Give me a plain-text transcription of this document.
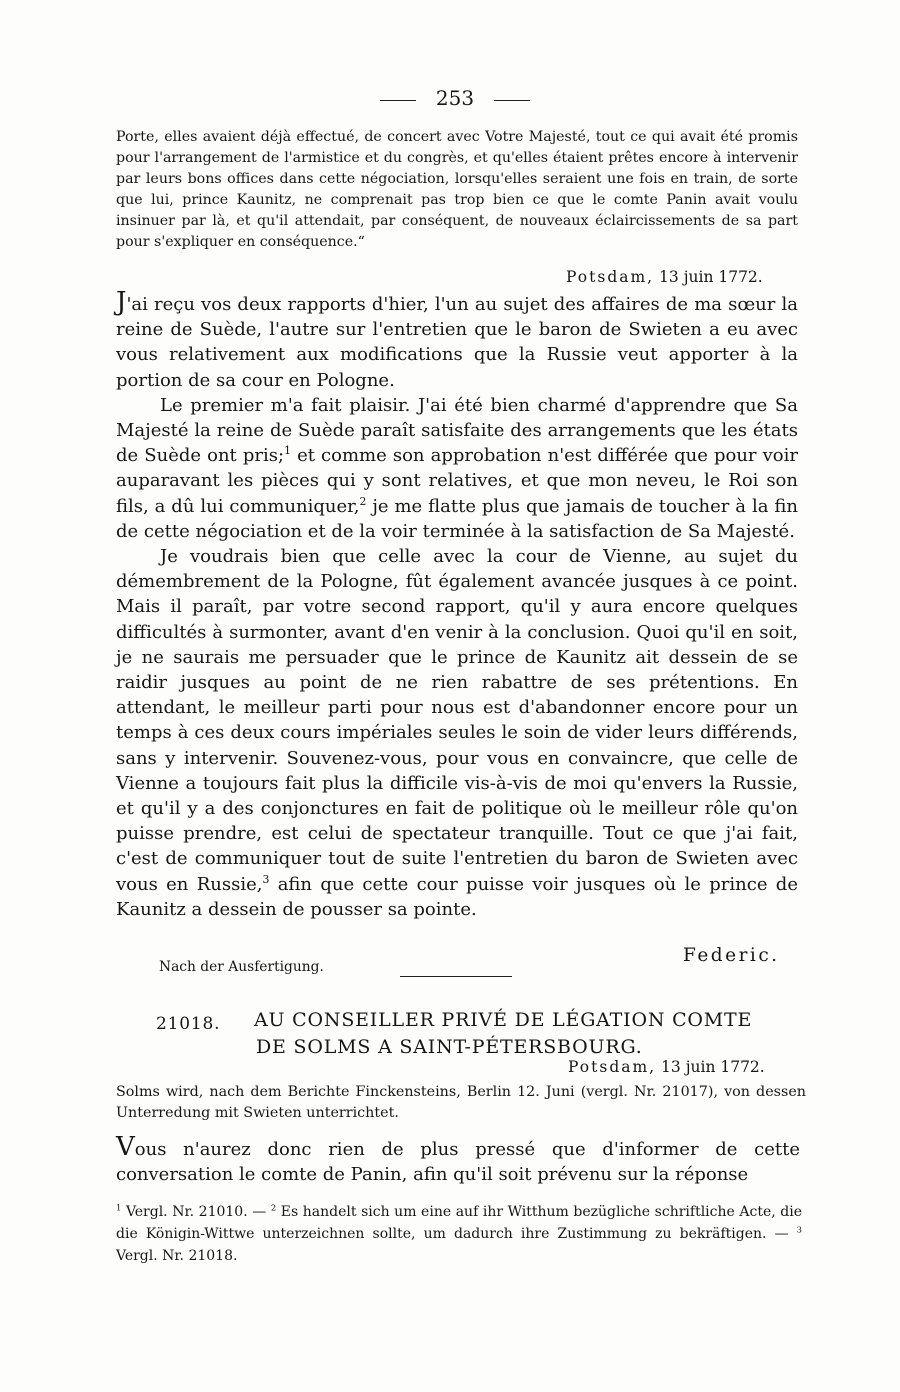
253
Porte, elles avaient déjà effectué, de concert avec Votre Majesté, tout ce qui avait été promis pour l'arrangement de l'armistice et du congrès, et qu'elles étaient prêtes encore à intervenir par leurs bons offices dans cette négociation, lorsqu'elles seraient une fois en train, de sorte que lui, prince Kaunitz, ne comprenait pas trop bien ce que le comte Panin avait voulu insinuer par là, et qu'il attendait, par conséquent, de nouveaux éclaircissements de sa part pour s'expliquer en conséquence.“
Potsdam, 13 juin 1772.

J'ai reçu vos deux rapports d'hier, l'un au sujet des affaires de ma sœur la reine de Suède, l'autre sur l'entretien que le baron de Swieten a eu avec vous relativement aux modifications que la Russie veut apporter à la portion de sa cour en Pologne.

Le premier m'a fait plaisir. J'ai été bien charmé d'apprendre que Sa Majesté la reine de Suède paraît satisfaite des arrangements que les états de Suède ont pris;$^1$ et comme son approbation n'est différée que pour voir auparavant les pièces qui y sont relatives, et que mon neveu, le Roi son fils, a dû lui communiquer,$^2$ je me flatte plus que jamais de toucher à la fin de cette négociation et de la voir terminée à la satisfaction de Sa Majesté.

Je voudrais bien que celle avec la cour de Vienne, au sujet du démembrement de la Pologne, fût également avancée jusques à ce point. Mais il paraît, par votre second rapport, qu'il y aura encore quelques difficultés à surmonter, avant d'en venir à la conclusion. Quoi qu'il en soit, je ne saurais me persuader que le prince de Kaunitz ait dessein de se raidir jusques au point de ne rien rabattre de ses prétentions. En attendant, le meilleur parti pour nous est d'abandonner encore pour un temps à ces deux cours impériales seules le soin de vider leurs différends, sans y intervenir. Souvenez-vous, pour vous en convaincre, que celle de Vienne a toujours fait plus la difficile vis-à-vis de moi qu'envers la Russie, et qu'il y a des conjonctures en fait de politique où le meilleur rôle qu'on puisse prendre, est celui de spectateur tranquille. Tout ce que j'ai fait, c'est de communiquer tout de suite l'entretien du baron de Swieten avec vous en Russie,$^3$ afin que cette cour puisse voir jusques où le prince de Kaunitz a dessein de pousser sa pointe.

Federic.
Nach der Ausfertigung.
21018. AU CONSEILLER PRIVÉ DE LÉGATION COMTE
DE SOLMS A SAINT-PÉTERSBOURG.
Potsdam, 13 juin 1772.
Solms wird, nach dem Berichte Finckensteins, Berlin 12. Juni (vergl. Nr. 21017), von dessen Unterredung mit Swieten unterrichtet.
Vous n'aurez donc rien de plus pressé que d'informer de cette conversation le comte de Panin, afin qu'il soit prévenu sur la réponse

$^1$ Vergl. Nr. 21010. — $^2$ Es handelt sich um eine auf ihr Witthum bezügliche schriftliche Acte, die die Königin-Wittwe unterzeichnen sollte, um dadurch ihre Zustimmung zu bekräftigen. — $^3$ Vergl. Nr. 21018.
